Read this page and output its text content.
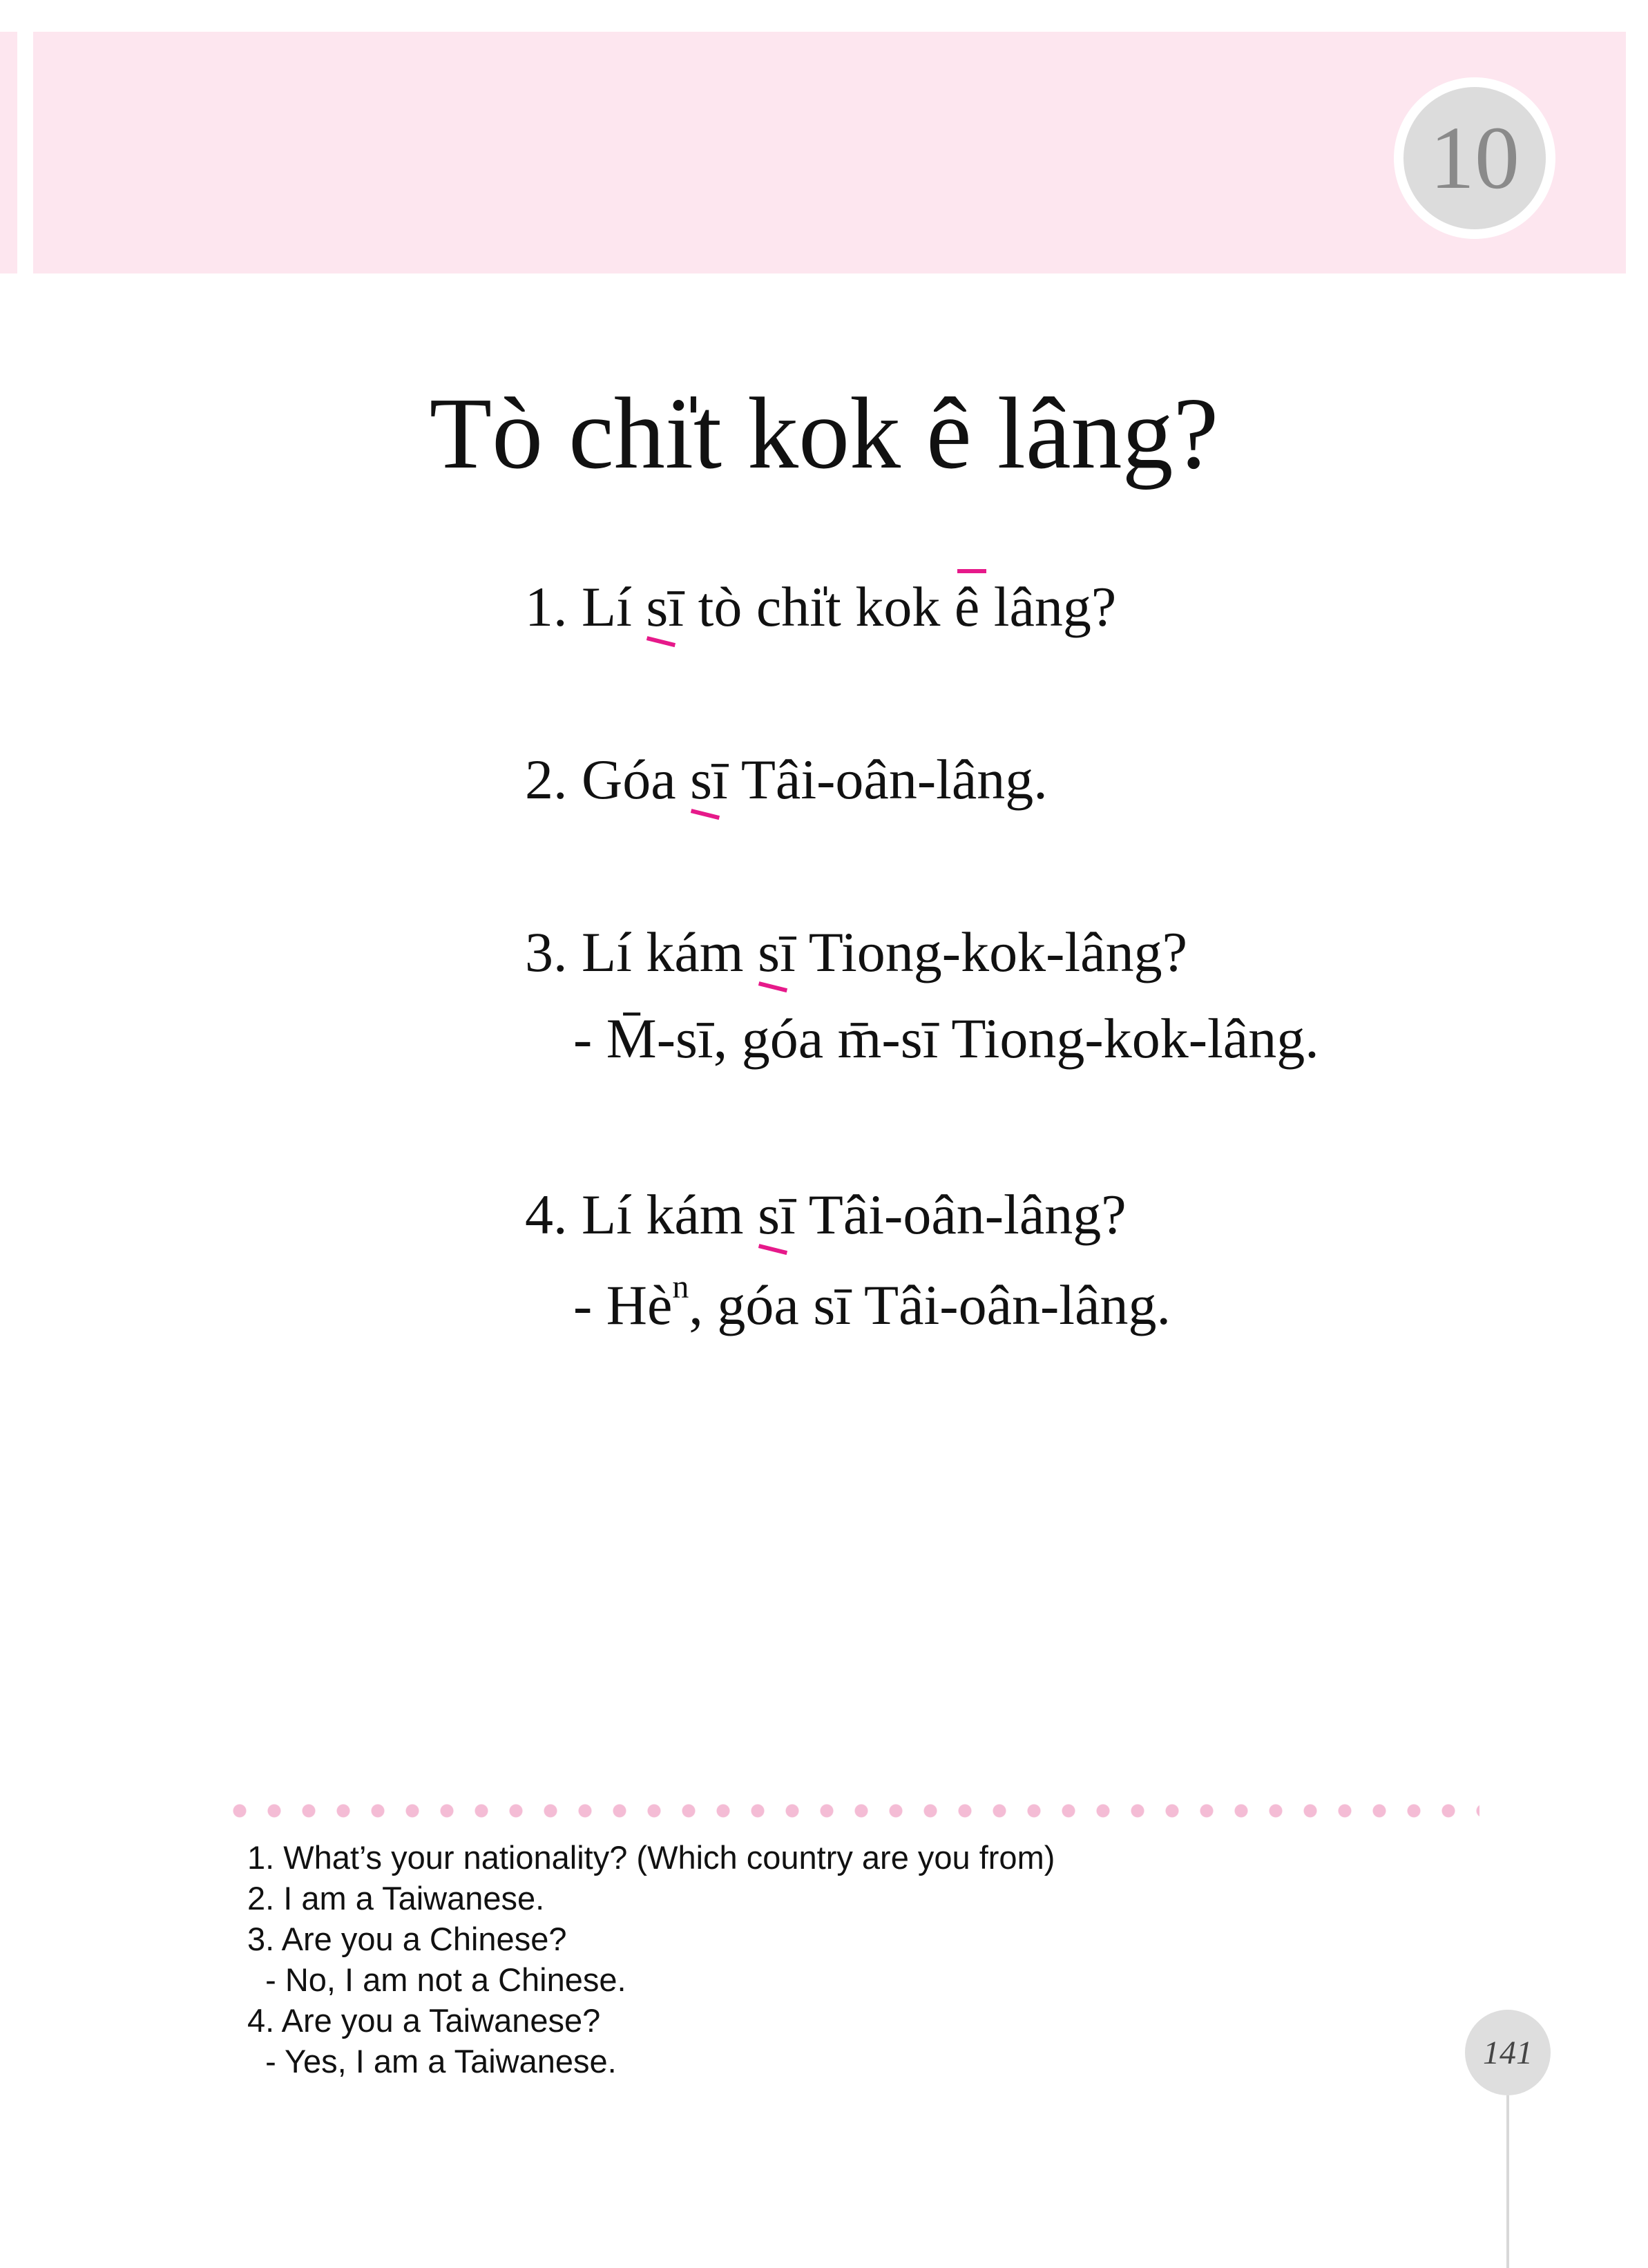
10
Tò chi̍t kok ê lâng?
1. Lí sī tò chi̍t kok ê lâng?
2. Góa sī Tâi-oân-lâng.
3. Lí kám sī Tiong-kok-lâng?
- M̄-sī, góa m̄-sī Tiong-kok-lâng.
4. Lí kám sī Tâi-oân-lâng?
- $Hè^n$, góa sī Tâi-oân-lâng.
1. What’s your nationality? (Which country are you from)
2. I am a Taiwanese.
3. Are you a Chinese?
- No, I am not a Chinese.
4. Are you a Taiwanese?
- Yes, I am a Taiwanese.	141
